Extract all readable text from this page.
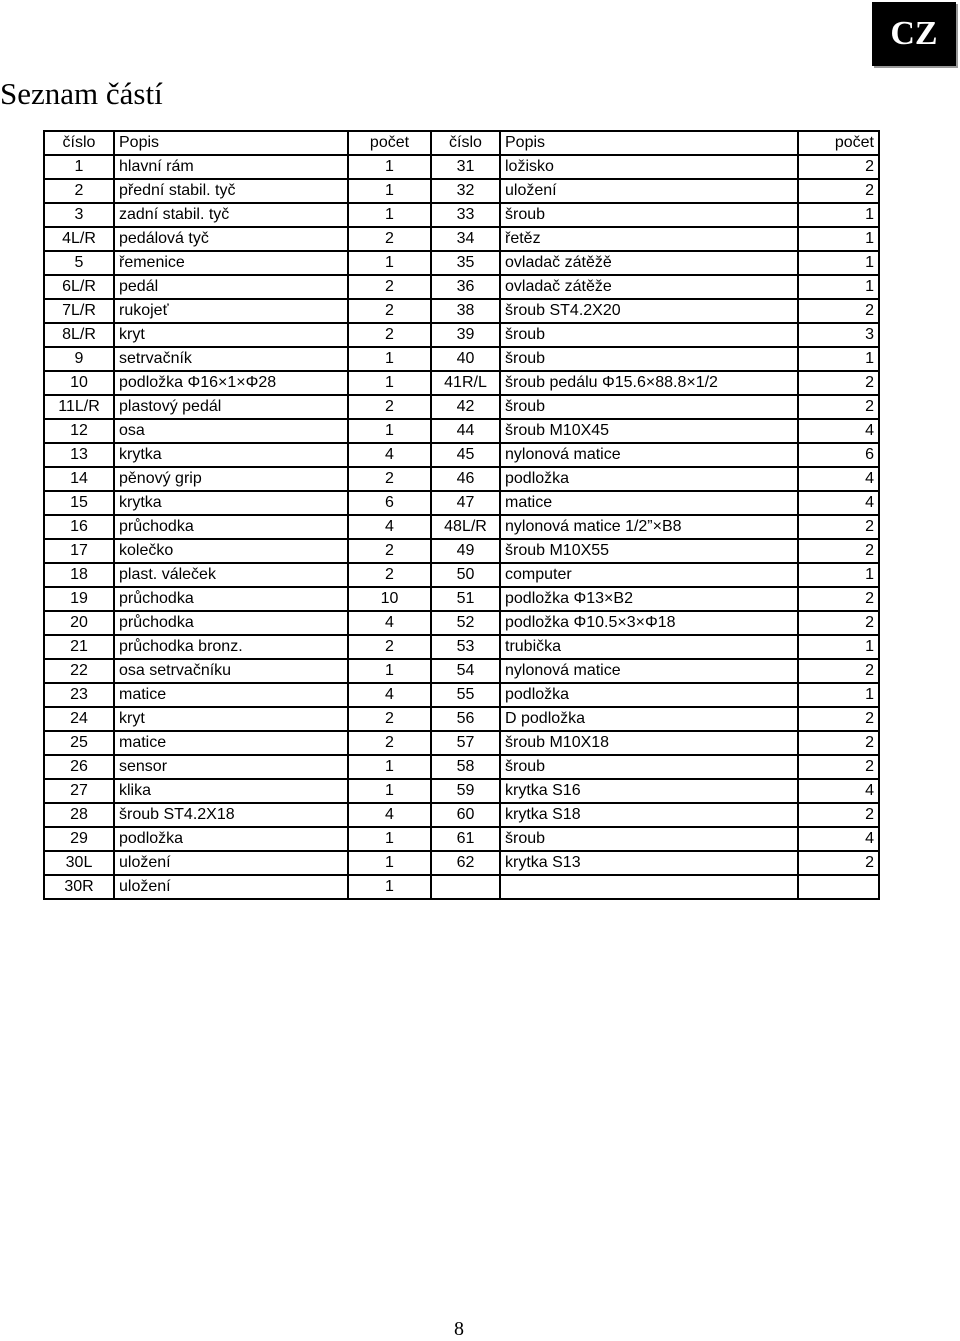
CZ
Seznam částí
číslo	Popis	počet	číslo	Popis	počet
1	hlavní rám	1	31	ložisko	2
2	přední stabil. tyč	1	32	uložení	2
3	zadní stabil. tyč	1	33	šroub	1
4L/R	pedálová tyč	2	34	řetěz	1
5	řemenice	1	35	ovladač zátěžě	1
6L/R	pedál	2	36	ovladač zátěže	1
7L/R	rukojeť	2	38	šroub ST4.2X20	2
8L/R	kryt	2	39	šroub	3
9	setrvačník	1	40	šroub	1
10	podložka Φ16×1×Φ28	1	41R/L	šroub pedálu Φ15.6×88.8×1/2	2
11L/R	plastový pedál	2	42	šroub	2
12	osa	1	44	šroub M10X45	4
13	krytka	4	45	nylonová matice	6
14	pěnový grip	2	46	podložka	4
15	krytka	6	47	matice	4
16	průchodka	4	48L/R	nylonová matice 1/2”×B8	2
17	kolečko	2	49	šroub M10X55	2
18	plast. váleček	2	50	computer	1
19	průchodka	10	51	podložka Φ13×B2	2
20	průchodka	4	52	podložka Φ10.5×3×Φ18	2
21	průchodka bronz.	2	53	trubička	1
22	osa setrvačníku	1	54	nylonová matice	2
23	matice	4	55	podložka	1
24	kryt	2	56	D podložka	2
25	matice	2	57	šroub M10X18	2
26	sensor	1	58	šroub	2
27	klika	1	59	krytka S16	4
28	šroub ST4.2X18	4	60	krytka S18	2
29	podložka	1	61	šroub	4
30L	uložení	1	62	krytka S13	2
30R	uložení	1			
8
